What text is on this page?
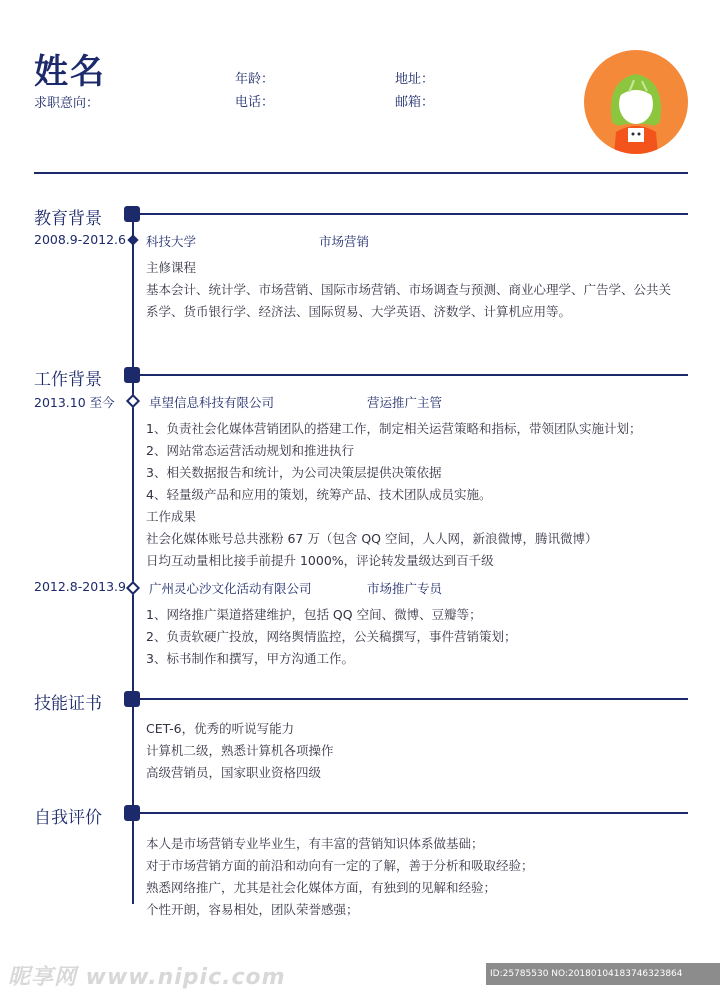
姓名
求职意向：
年龄：	地址：
电话：	邮箱：
教育背景
2008.9-2012.6 科技大学	市场营销
主修课程
基本会计、统计学、市场营销、国际市场营销、市场调查与预测、商业心理学、广告学、公共关
系学、货币银行学、经济法、国际贸易、大学英语、济数学、计算机应用等。
工作背景
2013.10 至今	卓望信息科技有限公司	营运推广主管
1、负责社会化媒体营销团队的搭建工作，制定相关运营策略和指标，带领团队实施计划；
2、网站常态运营活动规划和推进执行
3、相关数据报告和统计，为公司决策层提供决策依据
4、轻量级产品和应用的策划，统筹产品、技术团队成员实施。
工作成果
社会化媒体账号总共涨粉 67 万（包含 QQ 空间，人人网，新浪微博，腾讯微博）
日均互动量相比接手前提升 1000%，评论转发量级达到百千级
2012.8-2013.9 广州灵心沙文化活动有限公司	市场推广专员
1、网络推广渠道搭建维护，包括 QQ 空间、微博、豆瓣等；
2、负责软硬广投放，网络舆情监控，公关稿撰写，事件营销策划；
3、标书制作和撰写，甲方沟通工作。
技能证书
CET-6，优秀的听说写能力
计算机二级，熟悉计算机各项操作
高级营销员，国家职业资格四级
自我评价
本人是市场营销专业毕业生，有丰富的营销知识体系做基础；
对于市场营销方面的前沿和动向有一定的了解，善于分析和吸取经验；
熟悉网络推广，尤其是社会化媒体方面，有独到的见解和经验；
个性开朗，容易相处，团队荣誉感强；
昵享网 www.nipic.com	ID:25785530 NO:20180104183746323864
